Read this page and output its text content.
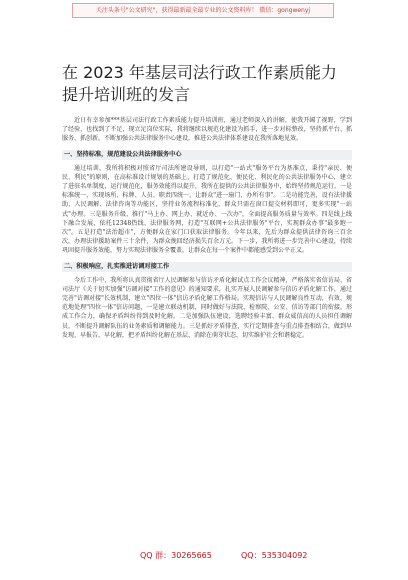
关注头条号"公文研究"，获得最新最全最专业的公文资料库！ 微信：gongwenyj
在 2023 年基层司法行政工作素质能力提升培训班的发言

近日有幸参加***基层司法行政工作素质能力提升培训班，通过老师深入的讲解，使我开阔了视野，学到了经验，也找到了不足，现立足岗位实际，我将继续以规范化建设为抓手，进一步对标整改，坚持抓平台、抓服务、抓创新，不断加强公共法律服务中心建设，推进公共法律体系建设在我所落地见效。

一、坚持标准，规范建设公共法律服务中心

通过培训，我所将积极对照省厅司法所建设导则，以打造"一站式"服务平台为基准点，秉持"亲民、便民、利民"的原则，在高标准设计规划的基础上，打造了规范化、便民化、利民化的公共法律服务中心，建立了进驻名单制度，运行规范化，服务效能得以提升，我所在提供的公共法律服务中，始终坚持规范运行。一是标准统一，实现场所、标牌、人员、职责四统一，让群众"进一扇门、办所有事"。二是功能完善，设有法律援助、人民调解、法律咨询等功能区，坚持业务流程标准化，群众只需在窗口提交材料即可，更多实现"一站式"办理。三是服务升级，推行"马上办、网上办、就近办、一次办"，全面提高服务质量与效率。四是线上线下融合发展，依托12348热线、法律服务网，打造"互联网+公共法律服务"平台，实现群众办事"最多跑一次"。五是打造"法治超市"，方便群众在家门口获取法律服务。今年以来，先后为群众提供法律咨询三百余次，办理法律援助案件三十余件，为群众挽回经济损失百余万元。下一步，我所将进一步完善中心建设，持续巩固提升服务效能，努力实现法律服务全覆盖，让群众在每一个案件中都能感受到公平正义。

二、积极响应，扎实推进访调对接工作

今后工作中，我所将认真贯彻省厅人民调解参与信访矛盾化解试点工作会议精神，严格落实省信访局、省司法厅《关于切实加强"访调对接"工作的意见》的通知要求，扎实开展人民调解参与信访矛盾化解工作，通过完善"访调对接"长效机制，建立"四位一体"信访矛盾化解工作格局。实现信访与人民调解良性互动，有效、规范地处理"四位一体"信访问题，一是建立联动机制，同时做好与法院、检察院、公安、信访等部门的衔接，形成工作合力，确保矛盾纠纷得到及时化解。二是加强队伍建设，选聘经验丰富、群众威信高的人员担任调解员，不断提升调解队伍的业务素质和调解能力。三是抓好矛盾排查，实行定期排查与重点排查相结合，做到早发现、早报告、早化解，把矛盾纠纷化解在基层、消除在萌芽状态，切实维护社会和谐稳定。

QQ 群：30265665	QQ：535304092
